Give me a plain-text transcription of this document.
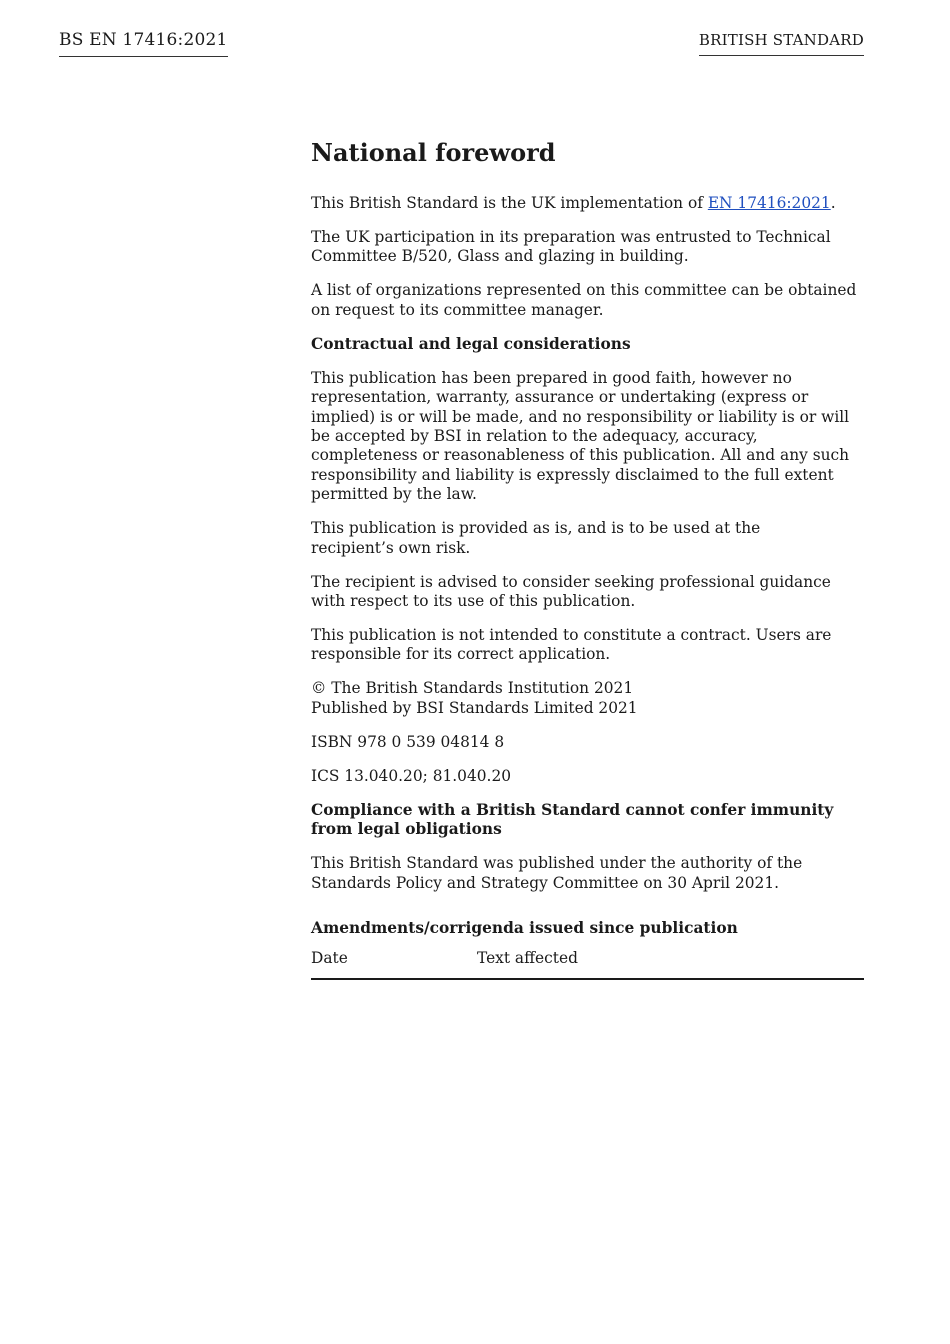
BS EN 17416:2021	BRITISH STANDARD
National foreword

This British Standard is the UK implementation of EN 17416:2021.

The UK participation in its preparation was entrusted to Technical Committee B/520, Glass and glazing in building.

A list of organizations represented on this committee can be obtained on request to its committee manager.

Contractual and legal considerations

This publication has been prepared in good faith, however no representation, warranty, assurance or undertaking (express or implied) is or will be made, and no responsibility or liability is or will be accepted by BSI in relation to the adequacy, accuracy, completeness or reasonableness of this publication. All and any such responsibility and liability is expressly disclaimed to the full extent permitted by the law.

This publication is provided as is, and is to be used at the
recipient’s own risk.

The recipient is advised to consider seeking professional guidance with respect to its use of this publication.

This publication is not intended to constitute a contract. Users are responsible for its correct application.

© The British Standards Institution 2021
Published by BSI Standards Limited 2021

ISBN 978 0 539 04814 8

ICS 13.040.20; 81.040.20

Compliance with a British Standard cannot confer immunity from legal obligations

This British Standard was published under the authority of the Standards Policy and Strategy Committee on 30 April 2021.

Amendments/corrigenda issued since publication
Date	Text affected
